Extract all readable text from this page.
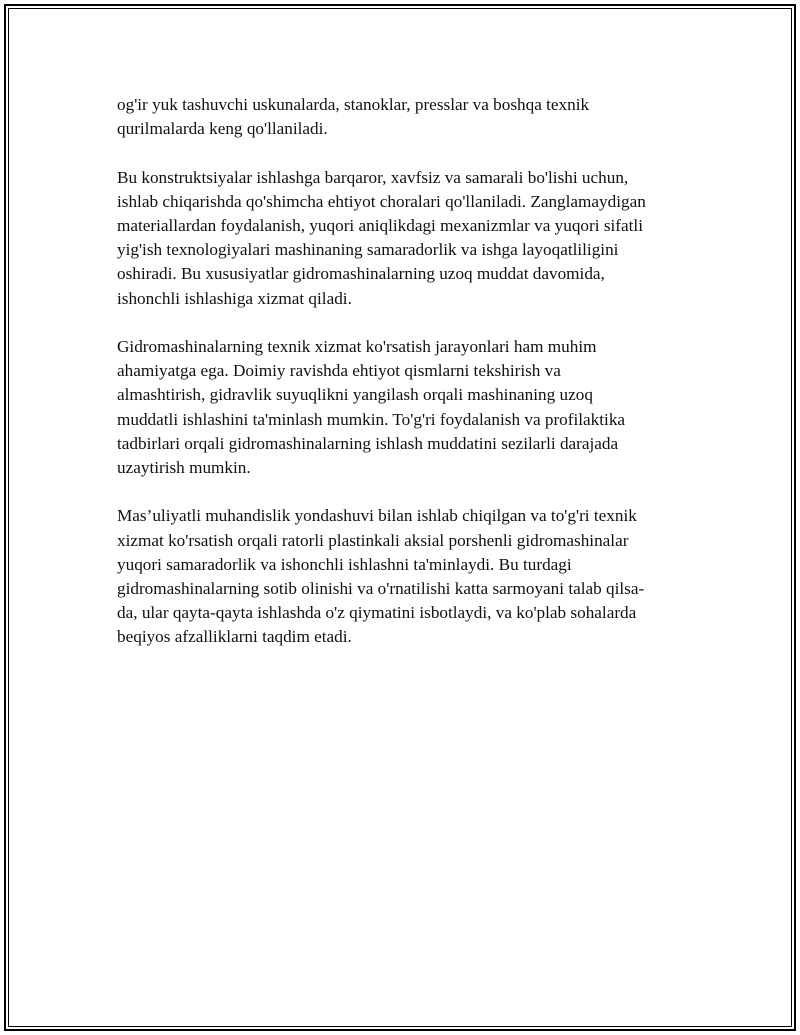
og'ir yuk tashuvchi uskunalarda, stanoklar, presslar va boshqa texnik
qurilmalarda keng qo'llaniladi.

Bu konstruktsiyalar ishlashga barqaror, xavfsiz va samarali bo'lishi uchun,
ishlab chiqarishda qo'shimcha ehtiyot choralari qo'llaniladi. Zanglamaydigan
materiallardan foydalanish, yuqori aniqlikdagi mexanizmlar va yuqori sifatli
yig'ish texnologiyalari mashinaning samaradorlik va ishga layoqatliligini
oshiradi. Bu xususiyatlar gidromashinalarning uzoq muddat davomida,
ishonchli ishlashiga xizmat qiladi.

Gidromashinalarning texnik xizmat ko'rsatish jarayonlari ham muhim
ahamiyatga ega. Doimiy ravishda ehtiyot qismlarni tekshirish va
almashtirish, gidravlik suyuqlikni yangilash orqali mashinaning uzoq
muddatli ishlashini ta'minlash mumkin. To'g'ri foydalanish va profilaktika
tadbirlari orqali gidromashinalarning ishlash muddatini sezilarli darajada
uzaytirish mumkin.

Mas’uliyatli muhandislik yondashuvi bilan ishlab chiqilgan va to'g'ri texnik
xizmat ko'rsatish orqali ratorli plastinkali aksial porshenli gidromashinalar
yuqori samaradorlik va ishonchli ishlashni ta'minlaydi. Bu turdagi
gidromashinalarning sotib olinishi va o'rnatilishi katta sarmoyani talab qilsa-
da, ular qayta-qayta ishlashda o'z qiymatini isbotlaydi, va ko'plab sohalarda
beqiyos afzalliklarni taqdim etadi.
